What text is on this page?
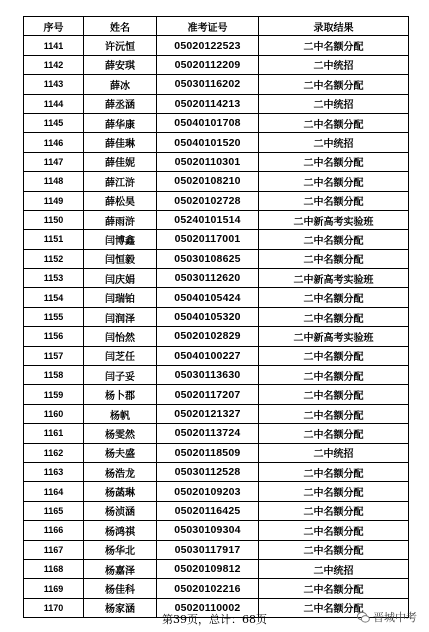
序号	姓名	准考证号	录取结果
1141	许沅恒	05020122523	二中名额分配
1142	薛安琪	05020112209	二中统招
1143	薛冰	05030116202	二中名额分配
1144	薛丞涵	05020114213	二中统招
1145	薛华康	05040101708	二中名额分配
1146	薛佳琳	05040101520	二中统招
1147	薛佳妮	05020110301	二中名额分配
1148	薛江浒	05020108210	二中名额分配
1149	薛松昊	05020102728	二中名额分配
1150	薛雨浒	05240101514	二中新高考实验班
1151	闫博鑫	05020117001	二中名额分配
1152	闫恒毅	05030108625	二中名额分配
1153	闫庆娟	05030112620	二中新高考实验班
1154	闫瑞铂	05040105424	二中名额分配
1155	闫润泽	05040105320	二中名额分配
1156	闫怡然	05020102829	二中新高考实验班
1157	闫芝任	05040100227	二中名额分配
1158	闫子妥	05030113630	二中名额分配
1159	杨卜郡	05020117207	二中名额分配
1160	杨帆	05020121327	二中名额分配
1161	杨雯然	05020113724	二中名额分配
1162	杨夫盛	05020118509	二中统招
1163	杨浩龙	05030112528	二中名额分配
1164	杨菡琳	05020109203	二中名额分配
1165	杨浈涵	05020116425	二中名额分配
1166	杨鸿祺	05030109304	二中名额分配
1167	杨华北	05030117917	二中名额分配
1168	杨嘉泽	05020109812	二中统招
1169	杨佳科	05020102216	二中名额分配
1170	杨家涵	05020110002	二中名额分配
第39页，总计：68页	晋城中考
